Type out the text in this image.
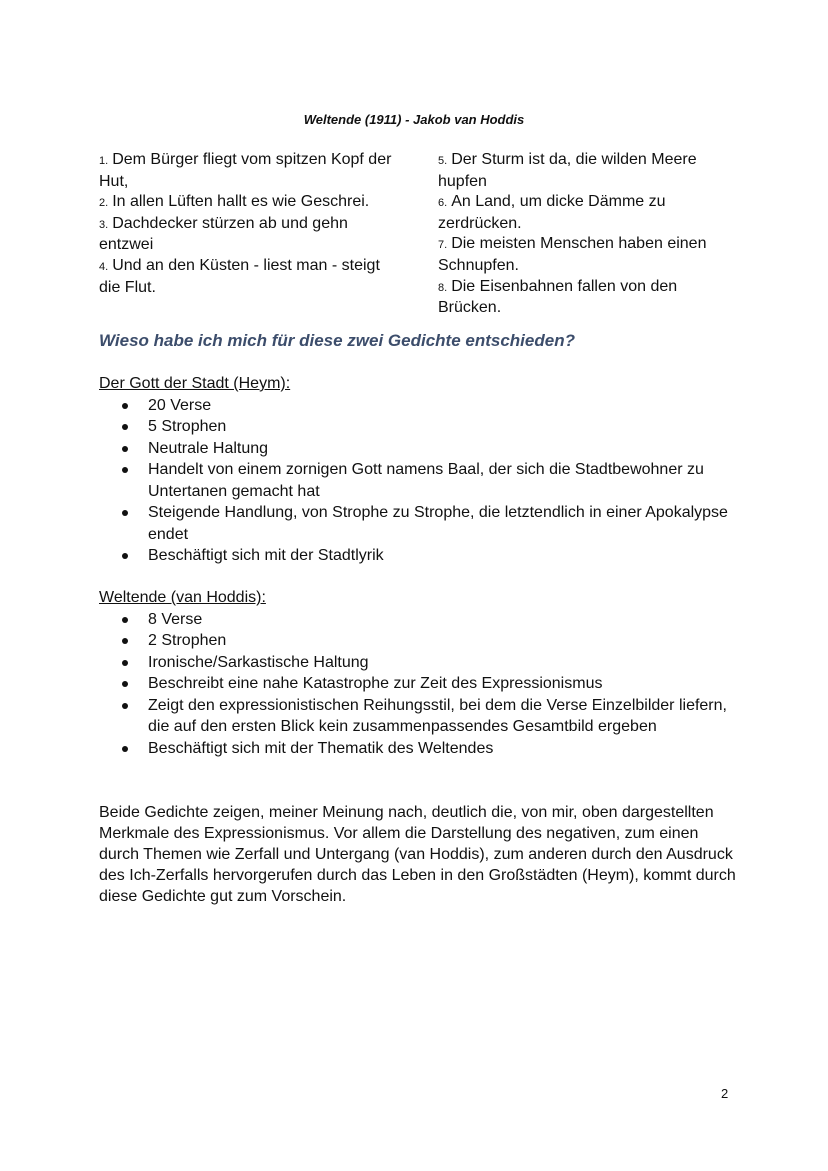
Weltende (1911) - Jakob van Hoddis

1. Dem Bürger fliegt vom spitzen Kopf der Hut,

2. In allen Lüften hallt es wie Geschrei.

3. Dachdecker stürzen ab und gehn entzwei

4. Und an den Küsten - liest man - steigt die Flut.

5. Der Sturm ist da, die wilden Meere hupfen

6. An Land, um dicke Dämme zu zerdrücken.

7. Die meisten Menschen haben einen Schnupfen.

8. Die Eisenbahnen fallen von den Brücken.

Wieso habe ich mich für diese zwei Gedichte entschieden?

Der Gott der Stadt (Heym):

20 Verse
5 Strophen
Neutrale Haltung
Handelt von einem zornigen Gott namens Baal, der sich die Stadtbewohner zu Untertanen gemacht hat
Steigende Handlung, von Strophe zu Strophe, die letztendlich in einer Apokalypse endet
Beschäftigt sich mit der Stadtlyrik

Weltende (van Hoddis):

8 Verse
2 Strophen
Ironische/Sarkastische Haltung
Beschreibt eine nahe Katastrophe zur Zeit des Expressionismus
Zeigt den expressionistischen Reihungsstil, bei dem die Verse Einzelbilder liefern, die auf den ersten Blick kein zusammenpassendes Gesamtbild ergeben
Beschäftigt sich mit der Thematik des Weltendes

Beide Gedichte zeigen, meiner Meinung nach, deutlich die, von mir, oben dargestellten Merkmale des Expressionismus. Vor allem die Darstellung des negativen, zum einen durch Themen wie Zerfall und Untergang (van Hoddis), zum anderen durch den Ausdruck des Ich-Zerfalls hervorgerufen durch das Leben in den Großstädten (Heym), kommt durch diese Gedichte gut zum Vorschein.

2
